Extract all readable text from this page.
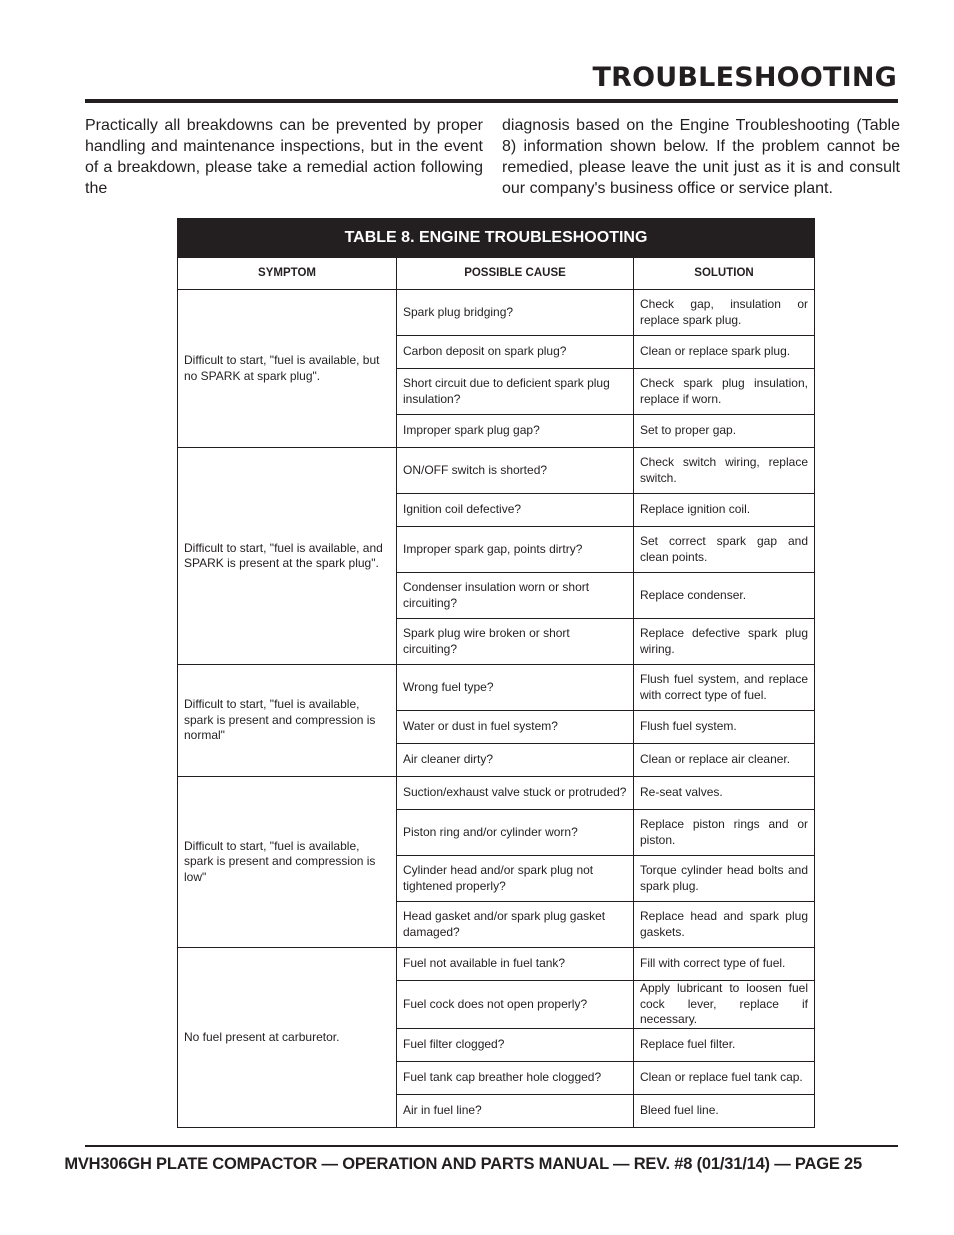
TROUBLESHOOTING
Practically all breakdowns can be prevented by proper handling and maintenance inspections, but in the event of a breakdown, please take a remedial action following the
diagnosis based on the Engine Troubleshooting (Table 8) information shown below. If the problem cannot be remedied, please leave the unit just as it is and consult our company's business office or service plant.
TABLE 8. ENGINE TROUBLESHOOTING		
SYMPTOM	POSSIBLE CAUSE	SOLUTION
Difficult to start, "fuel is available, but no SPARK at spark plug".	Spark plug bridging?	Check gap, insulation or replace spark plug.
	Carbon deposit on spark plug?	Clean or replace spark plug.
	Short circuit due to deficient spark plug insulation?	Check spark plug insulation, replace if worn.
	Improper spark plug gap?	Set to proper gap.
Difficult to start, "fuel is available, and SPARK is present at the spark plug".	ON/OFF switch is shorted?	Check switch wiring, replace switch.
	Ignition coil defective?	Replace ignition coil.
	Improper spark gap, points dirtry?	Set correct spark gap and clean points.
	Condenser insulation worn or short circuiting?	Replace condenser.
	Spark plug wire broken or short circuiting?	Replace defective spark plug wiring.
Difficult to start, "fuel is available, spark is present and compression is normal"	Wrong fuel type?	Flush fuel system, and replace with correct type of fuel.
	Water or dust in fuel system?	Flush fuel system.
	Air cleaner dirty?	Clean or replace air cleaner.
Difficult to start, "fuel is available, spark is present and compression is low"	Suction/exhaust valve stuck or protruded?	Re-seat valves.
	Piston ring and/or cylinder worn?	Replace piston rings and or piston.
	Cylinder head and/or spark plug not tightened properly?	Torque cylinder head bolts and spark plug.
	Head gasket and/or spark plug gasket damaged?	Replace head and spark plug gaskets.
No fuel present at carburetor.	Fuel not available in fuel tank?	Fill with correct type of fuel.
	Fuel cock does not open properly?	Apply lubricant to loosen fuel cock lever, replace if necessary.
	Fuel filter clogged?	Replace fuel filter.
	Fuel tank cap breather hole clogged?	Clean or replace fuel tank cap.
	Air in fuel line?	Bleed fuel line.
MVH306GH PLATE COMPACTOR — OPERATION AND PARTS MANUAL — REV. #8 (01/31/14) — PAGE 25
